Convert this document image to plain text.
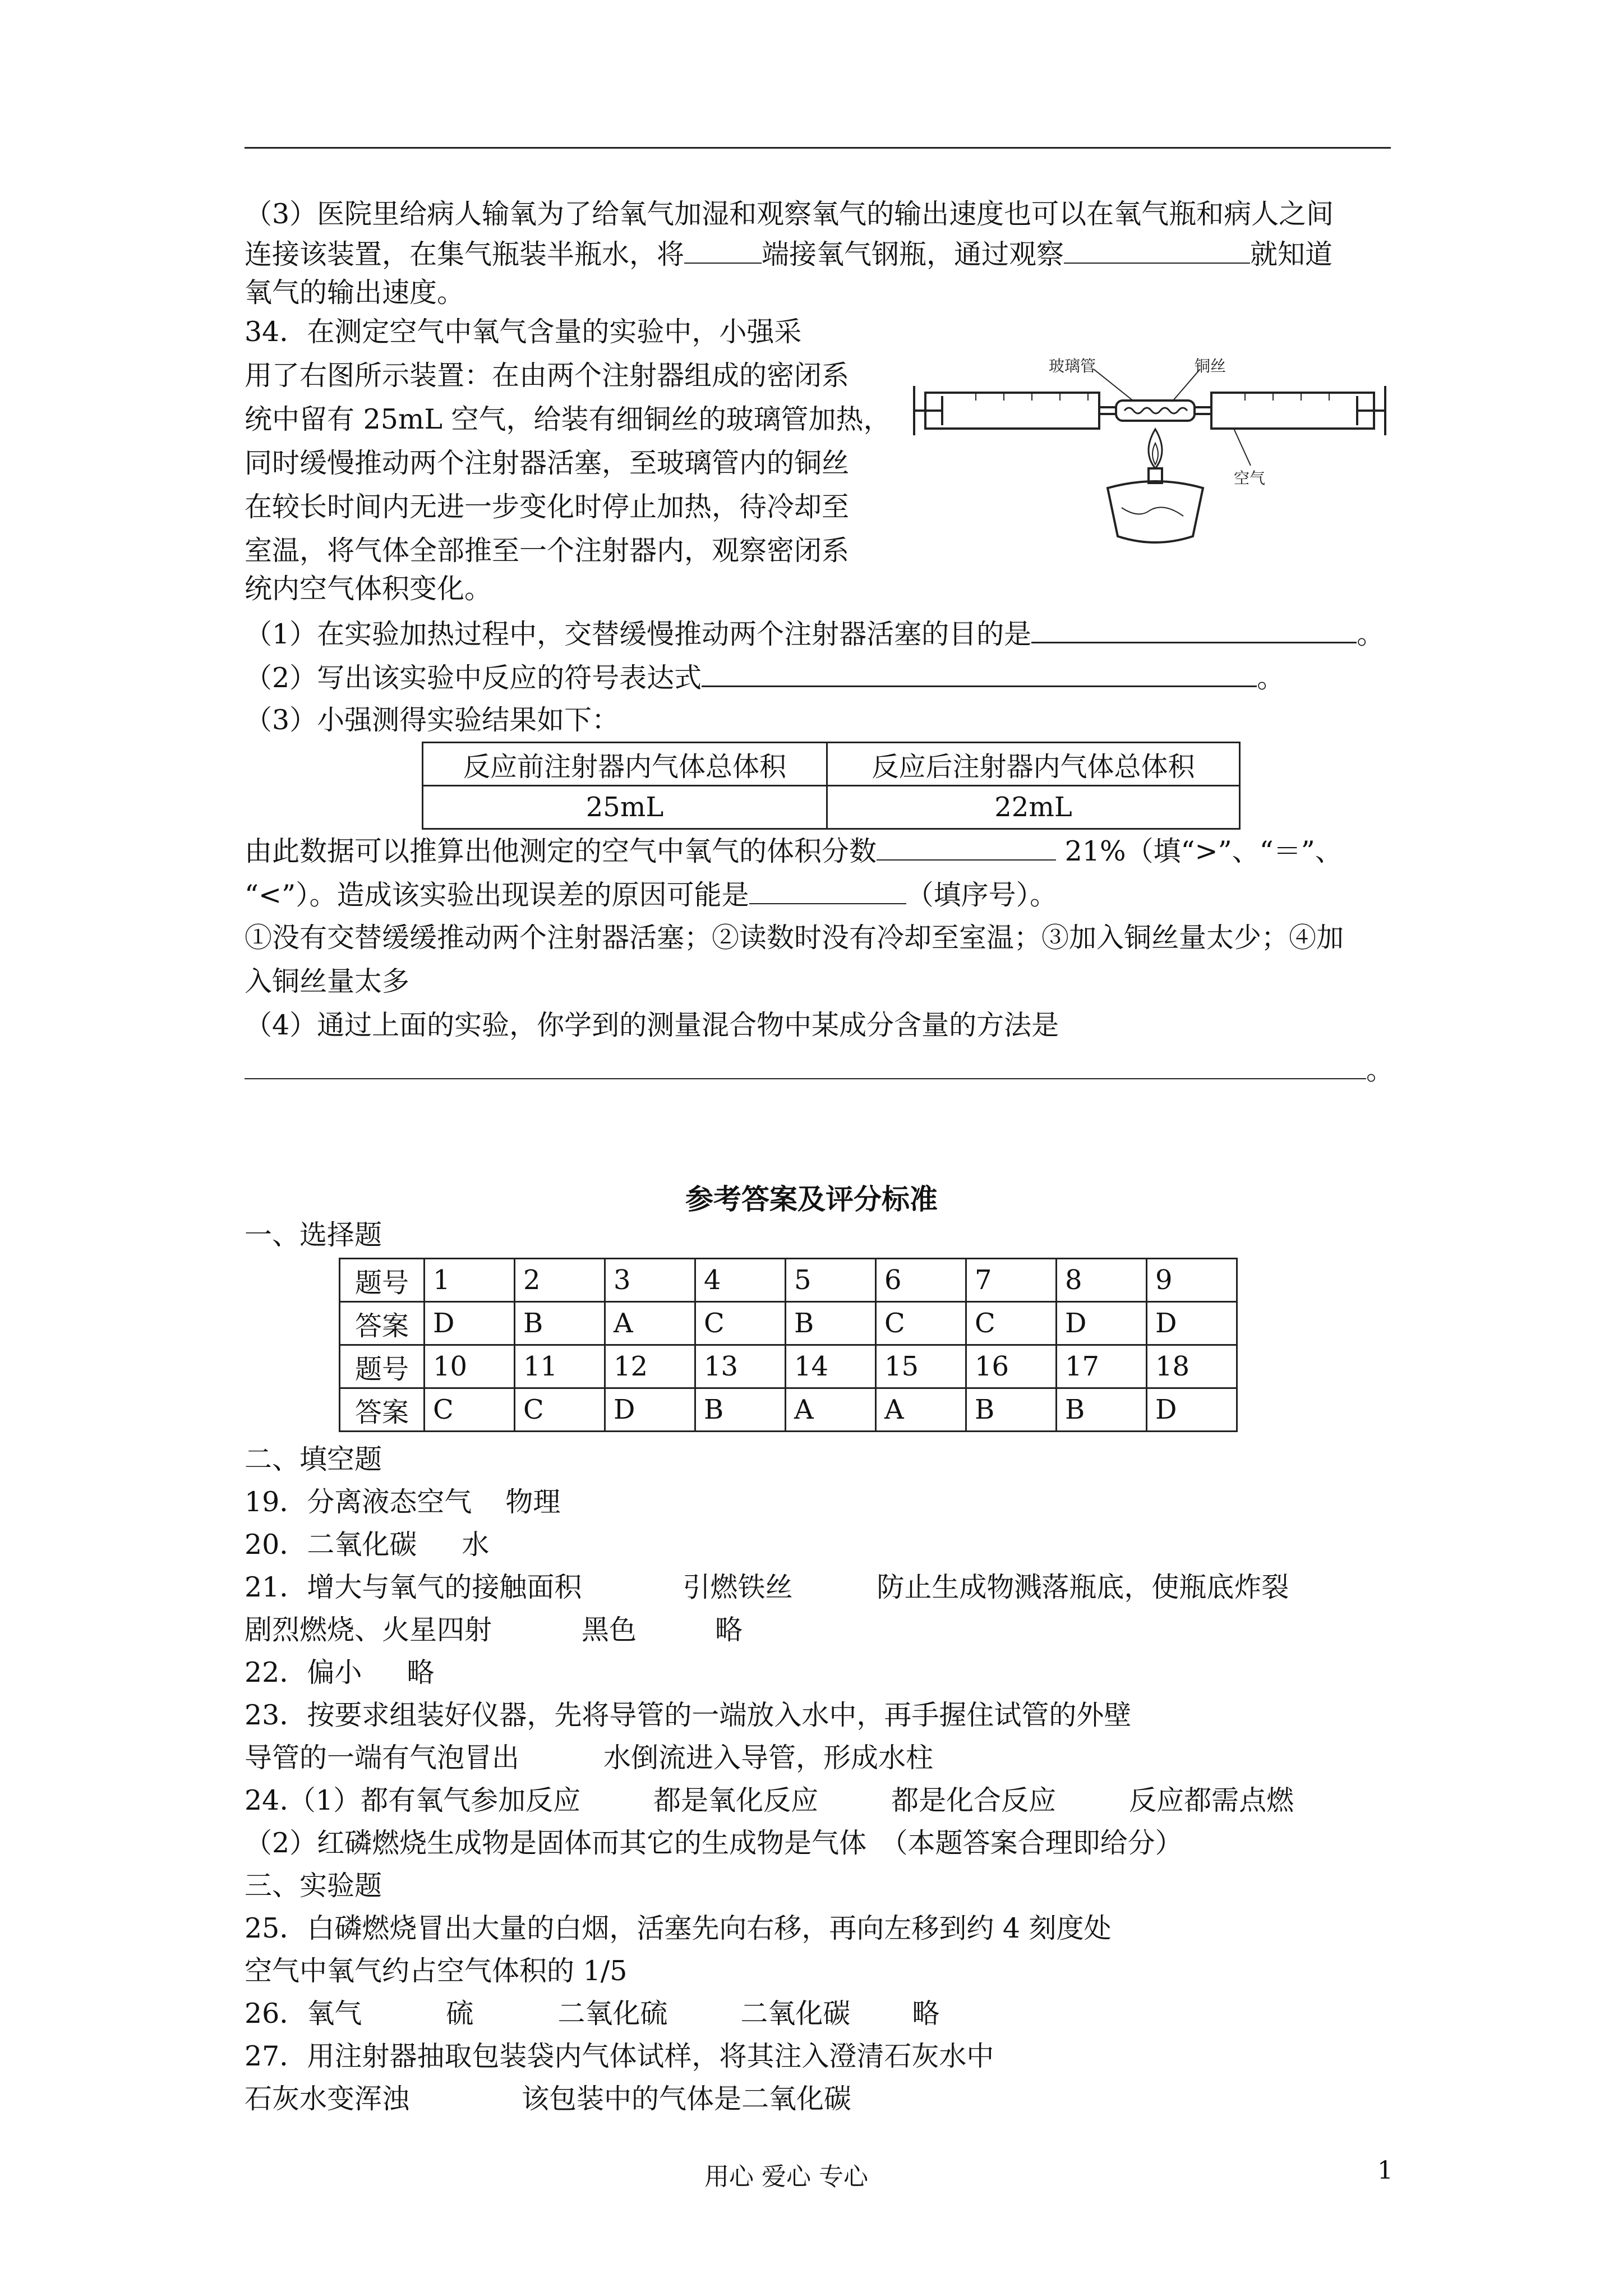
（3）医院里给病人输氧为了给氧气加湿和观察氧气的输出速度也可以在氧气瓶和病人之间
连接该装置，在集气瓶装半瓶水，将	端接氧气钢瓶，通过观察	就知道
氧气的输出速度。
34．在测定空气中氧气含量的实验中，小强采
用了右图所示装置：在由两个注射器组成的密闭系
统中留有 25mL 空气，给装有细铜丝的玻璃管加热，
同时缓慢推动两个注射器活塞，至玻璃管内的铜丝
在较长时间内无进一步变化时停止加热，待冷却至
室温，将气体全部推至一个注射器内，观察密闭系
统内空气体积变化。
玻璃管	铜丝
空气
（1）在实验加热过程中，交替缓慢推动两个注射器活塞的目的是	。
（2）写出该实验中反应的符号表达式	。
（3）小强测得实验结果如下：
反应前注射器内气体总体积	反应后注射器内气体总体积
25mL	22mL
由此数据可以推算出他测定的空气中氧气的体积分数	21%（填“>”、“＝”、
“<”）。造成该实验出现误差的原因可能是	（填序号）。
①没有交替缓缓推动两个注射器活塞；②读数时没有冷却至室温；③加入铜丝量太少；④加
入铜丝量太多
（4）通过上面的实验，你学到的测量混合物中某成分含量的方法是
。
参考答案及评分标准
一、选择题
题号	1	2	3	4	5	6	7	8	9
答案	D	B	A	C	B	C	C	D	D
题号	10	11	12	13	14	15	16	17	18
答案	C	C	D	B	A	A	B	B	D
二、填空题
19．分离液态空气 物理
20．二氧化碳 水
21．增大与氧气的接触面积	引燃铁丝	防止生成物溅落瓶底，使瓶底炸裂
剧烈燃烧、火星四射	黑色	略
22．偏小 略
23．按要求组装好仪器，先将导管的一端放入水中，再手握住试管的外壁
导管的一端有气泡冒出	水倒流进入导管，形成水柱
24.（1）都有氧气参加反应	都是氧化反应	都是化合反应	反应都需点燃
（2）红磷燃烧生成物是固体而其它的生成物是气体　（本题答案合理即给分）
三、实验题
25．白磷燃烧冒出大量的白烟，活塞先向右移，再向左移到约 4 刻度处
空气中氧气约占空气体积的 1/5
26．氧气	硫	二氧化硫	二氧化碳 略
27．用注射器抽取包装袋内气体试样，将其注入澄清石灰水中
石灰水变浑浊	该包装中的气体是二氧化碳
用心 爱心 专心	1
